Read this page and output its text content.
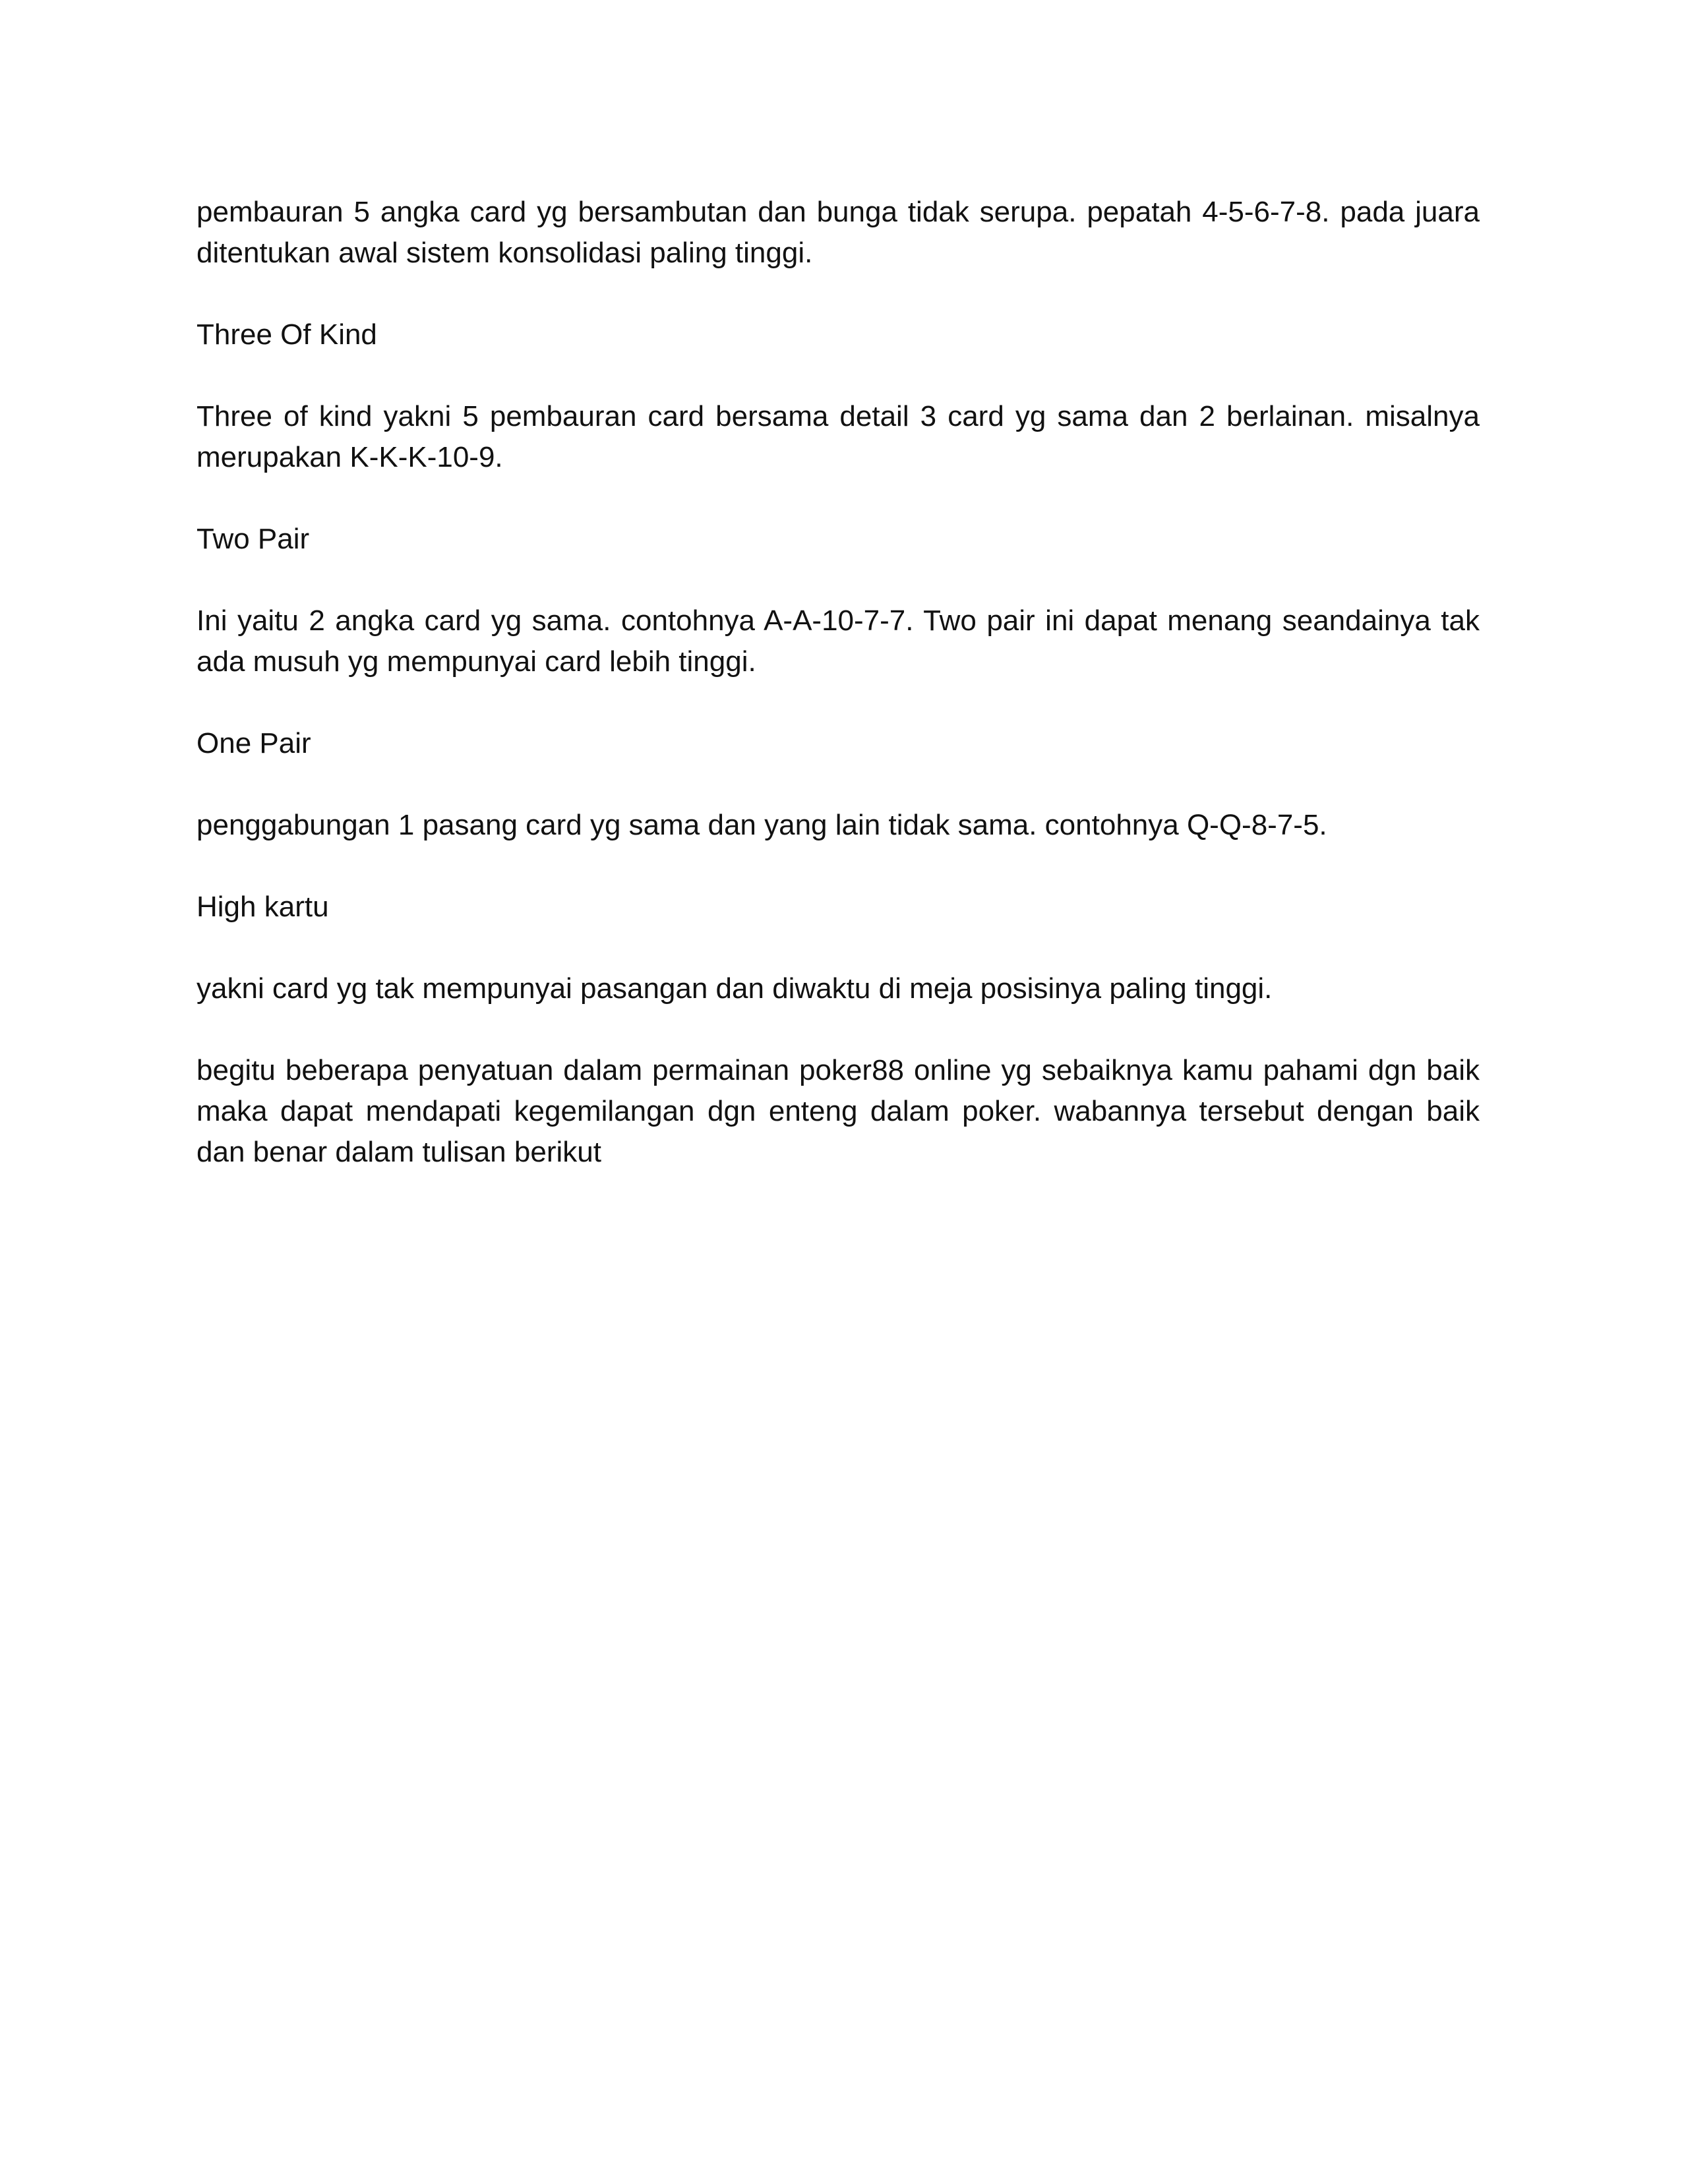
pembauran 5 angka card yg bersambutan dan bunga tidak serupa. pepatah 4-5-6-7-8. pada juara ditentukan awal sistem konsolidasi paling tinggi.

Three Of Kind

Three of kind yakni 5 pembauran card bersama detail 3 card yg sama dan 2 berlainan. misalnya merupakan K-K-K-10-9.

Two Pair

Ini yaitu 2 angka card yg sama. contohnya A-A-10-7-7. Two pair ini dapat menang seandainya tak ada musuh yg mempunyai card lebih tinggi.

One Pair

penggabungan 1 pasang card yg sama dan yang lain tidak sama. contohnya Q-Q-8-7-5.

High kartu

yakni card yg tak mempunyai pasangan dan diwaktu di meja posisinya paling tinggi.

begitu beberapa penyatuan dalam permainan poker88 online yg sebaiknya kamu pahami dgn baik maka dapat mendapati kegemilangan dgn enteng dalam poker. wabannya tersebut dengan baik dan benar dalam tulisan berikut
